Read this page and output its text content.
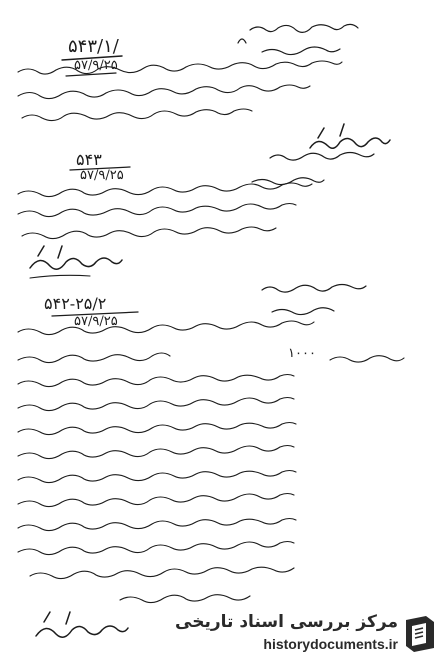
۵۴۳/۱/
۵۷/۹/۲۵
۵۴۳
۵۷/۹/۲۵
۵۴۲-۲۵/۲
۵۷/۹/۲۵
۱۰۰۰
مرکز بررسی اسناد تاریخی
historydocuments.ir
